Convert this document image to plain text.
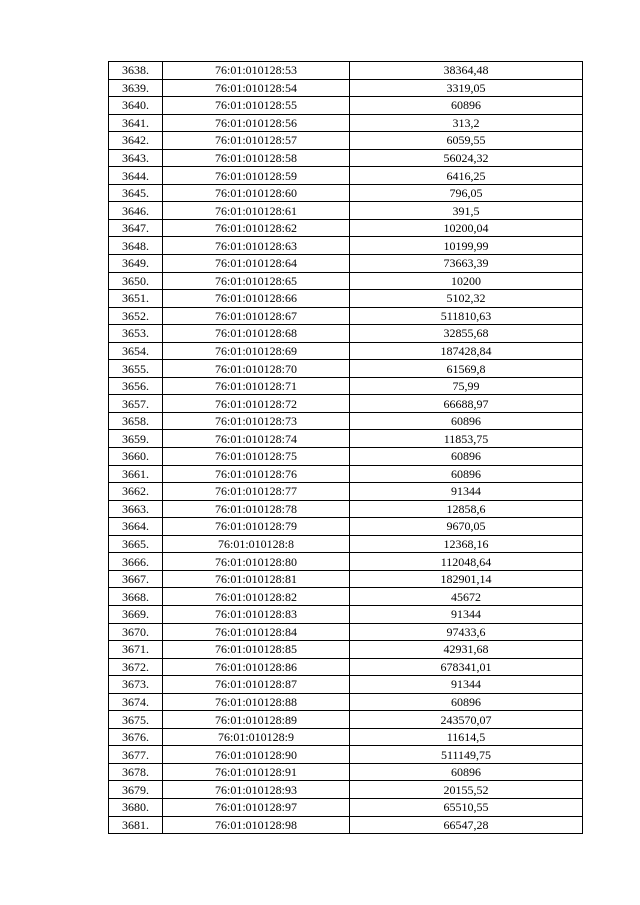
3638.	76:01:010128:53	38364,48
3639.	76:01:010128:54	3319,05
3640.	76:01:010128:55	60896
3641.	76:01:010128:56	313,2
3642.	76:01:010128:57	6059,55
3643.	76:01:010128:58	56024,32
3644.	76:01:010128:59	6416,25
3645.	76:01:010128:60	796,05
3646.	76:01:010128:61	391,5
3647.	76:01:010128:62	10200,04
3648.	76:01:010128:63	10199,99
3649.	76:01:010128:64	73663,39
3650.	76:01:010128:65	10200
3651.	76:01:010128:66	5102,32
3652.	76:01:010128:67	511810,63
3653.	76:01:010128:68	32855,68
3654.	76:01:010128:69	187428,84
3655.	76:01:010128:70	61569,8
3656.	76:01:010128:71	75,99
3657.	76:01:010128:72	66688,97
3658.	76:01:010128:73	60896
3659.	76:01:010128:74	11853,75
3660.	76:01:010128:75	60896
3661.	76:01:010128:76	60896
3662.	76:01:010128:77	91344
3663.	76:01:010128:78	12858,6
3664.	76:01:010128:79	9670,05
3665.	76:01:010128:8	12368,16
3666.	76:01:010128:80	112048,64
3667.	76:01:010128:81	182901,14
3668.	76:01:010128:82	45672
3669.	76:01:010128:83	91344
3670.	76:01:010128:84	97433,6
3671.	76:01:010128:85	42931,68
3672.	76:01:010128:86	678341,01
3673.	76:01:010128:87	91344
3674.	76:01:010128:88	60896
3675.	76:01:010128:89	243570,07
3676.	76:01:010128:9	11614,5
3677.	76:01:010128:90	511149,75
3678.	76:01:010128:91	60896
3679.	76:01:010128:93	20155,52
3680.	76:01:010128:97	65510,55
3681.	76:01:010128:98	66547,28
